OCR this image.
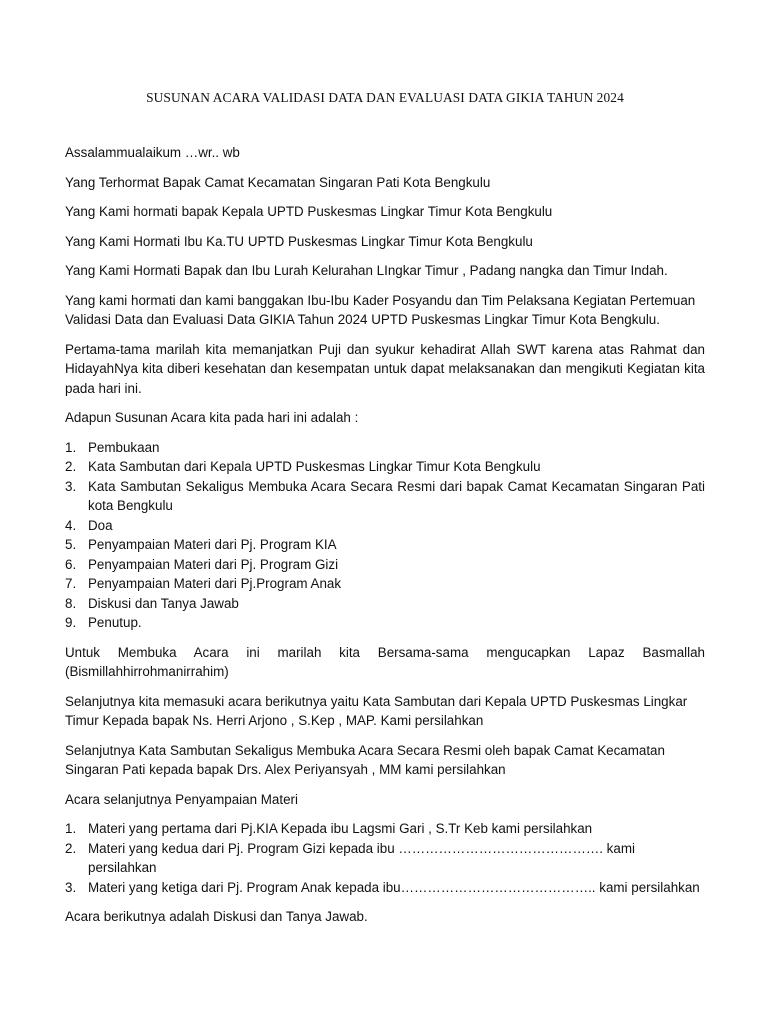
SUSUNAN ACARA VALIDASI DATA DAN EVALUASI DATA GIKIA TAHUN 2024

Assalammualaikum …wr.. wb

Yang Terhormat Bapak Camat Kecamatan Singaran Pati Kota Bengkulu

Yang Kami hormati bapak Kepala UPTD Puskesmas Lingkar Timur Kota Bengkulu

Yang Kami Hormati Ibu Ka.TU UPTD Puskesmas Lingkar Timur Kota Bengkulu

Yang Kami Hormati Bapak dan Ibu Lurah Kelurahan LIngkar Timur , Padang nangka dan Timur Indah.

Yang kami hormati dan kami banggakan Ibu-Ibu Kader Posyandu dan Tim Pelaksana Kegiatan Pertemuan Validasi Data dan Evaluasi Data GIKIA Tahun 2024 UPTD Puskesmas Lingkar Timur Kota Bengkulu.

Pertama-tama marilah kita memanjatkan Puji dan syukur kehadirat Allah SWT karena atas Rahmat dan HidayahNya kita diberi kesehatan dan kesempatan untuk dapat melaksanakan dan mengikuti Kegiatan kita pada hari ini.

Adapun Susunan Acara kita pada hari ini adalah :

1. Pembukaan
2. Kata Sambutan dari Kepala UPTD Puskesmas Lingkar Timur Kota Bengkulu
3. Kata Sambutan Sekaligus Membuka Acara Secara Resmi dari bapak Camat Kecamatan Singaran Pati kota Bengkulu
4. Doa
5. Penyampaian Materi dari Pj. Program KIA
6. Penyampaian Materi dari Pj. Program Gizi
7. Penyampaian Materi dari Pj.Program Anak
8. Diskusi dan Tanya Jawab
9. Penutup.

Untuk Membuka Acara ini marilah kita Bersama-sama mengucapkan Lapaz Basmallah (Bismillahhirrohmanirrahim)

Selanjutnya kita memasuki acara berikutnya yaitu Kata Sambutan dari Kepala UPTD Puskesmas Lingkar Timur Kepada bapak Ns. Herri Arjono , S.Kep , MAP. Kami persilahkan

Selanjutnya Kata Sambutan Sekaligus Membuka Acara Secara Resmi oleh bapak Camat Kecamatan Singaran Pati kepada bapak Drs. Alex Periyansyah , MM kami persilahkan

Acara selanjutnya Penyampaian Materi

1. Materi yang pertama dari Pj.KIA Kepada ibu Lagsmi Gari , S.Tr Keb kami persilahkan
2. Materi yang kedua dari Pj. Program Gizi kepada ibu ………………………………………. kami persilahkan
3. Materi yang ketiga dari Pj. Program Anak kepada ibu…………………………………….. kami persilahkan

Acara berikutnya adalah Diskusi dan Tanya Jawab.
